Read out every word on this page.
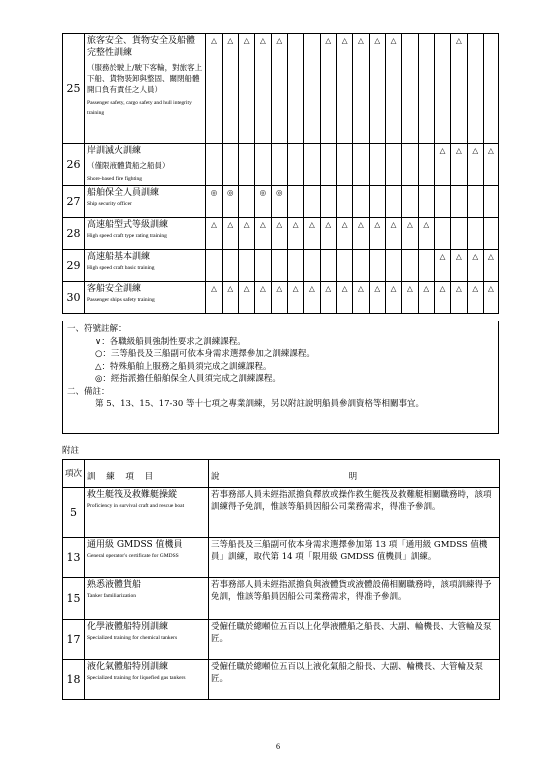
25	旅客安全、貨物安全及船體完整性訓練
（服務於駛上/駛下客輪，對旅客上下船、貨物裝卸與整固、關閉船體開口負有責任之人員）
Passenger safety, cargo safety and hull integrity training	△	△	△	△	△			△	△	△	△	△				△		
26	岸訓滅火訓練
（僅限液體貨船之船員）
Shore-based fire fighting															△	△	△	△
27	船舶保全人員訓練
Ship security officer	◎	◎		◎	◎													
28	高速船型式等級訓練
High speed craft type rating training	△	△	△	△	△	△	△	△	△	△	△	△	△	△				
29	高速船基本訓練
High speed craft basic training															△	△	△	△
30	客船安全訓練
Passenger ships safety training	△	△	△	△	△	△	△	△	△	△	△	△	△	△	△	△	△	△
一、符號註解：
∨：各職級船員強制性要求之訓練課程。
○：三等船長及三船副可依本身需求選擇參加之訓練課程。
△：特殊船舶上服務之船員須完成之訓練課程。
◎：經指派擔任船舶保全人員須完成之訓練課程。
二、備註：
第 5、13、15、17-30 等十七項之專業訓練，另以附註說明船員參訓資格等相關事宜。
附註
項次	訓 練 項 目	說 明
5	救生艇筏及救難艇操縱
Proficiency in survival craft and rescue boat	若事務部人員未經指派擔負釋放或操作救生艇筏及救難艇相關職務時，該項訓練得予免訓，惟該等船員因船公司業務需求，得准予參訓。
13	通用級 GMDSS 值機員
General operator's certificate for GMDSS	三等船長及三船副可依本身需求選擇參加第 13 項「通用級 GMDSS 值機員」訓練，取代第 14 項「限用級 GMDSS 值機員」訓練。
15	熟悉液體貨船
Tanker familiarization	若事務部人員未經指派擔負與液體貨或液體設備相關職務時，該項訓練得予免訓，惟該等船員因船公司業務需求，得准予參訓。
17	化學液體船特別訓練
Specialized training for chemical tankers	受僱任職於總噸位五百以上化學液體船之船長、大副、輪機長、大管輪及泵匠。
18	液化氣體船特別訓練
Specialized training for liquefied gas tankers	受僱任職於總噸位五百以上液化氣船之船長、大副、輪機長、大管輪及泵匠。
6
